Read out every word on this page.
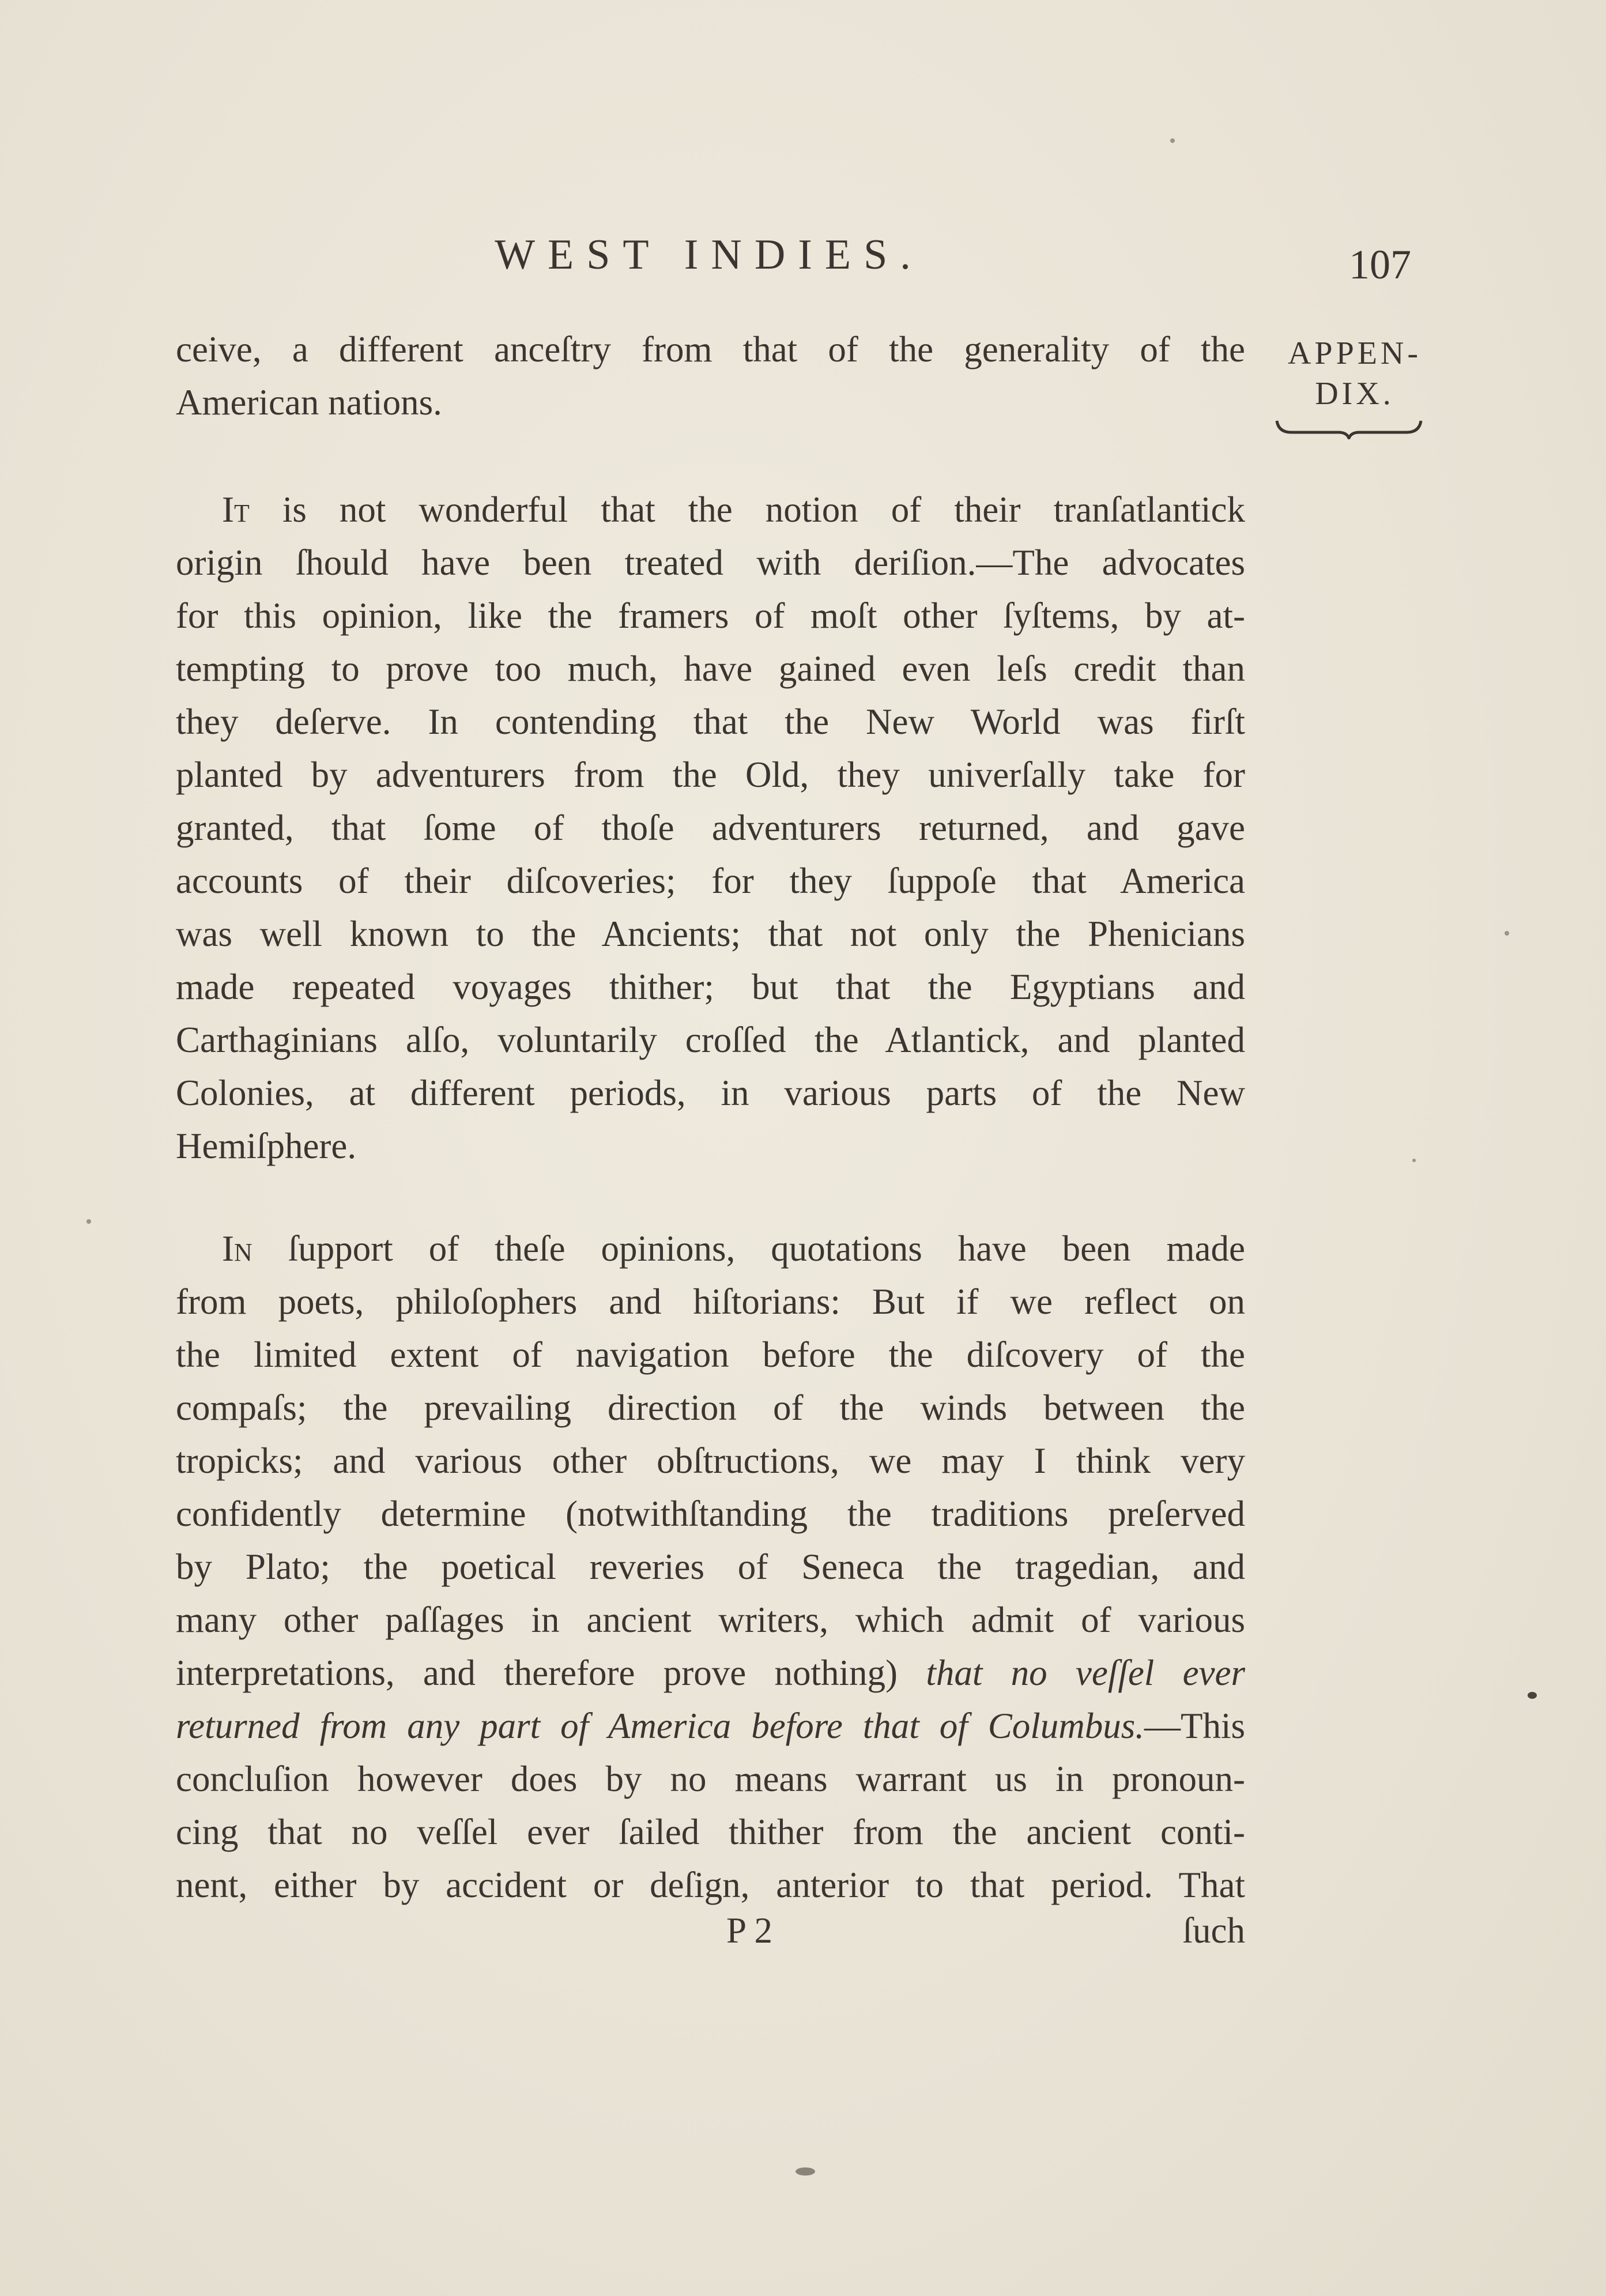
WEST INDIES.	107
APPEN-
DIX.
ceive, a different anceſtry from that of the generality of the
American nations.
It is not wonderful that the notion of their tranſatlantick
origin ſhould have been treated with deriſion.—The advocates
for this opinion, like the framers of moſt other ſyſtems, by at-
tempting to prove too much, have gained even leſs credit than
they deſerve. In contending that the New World was firſt
planted by adventurers from the Old, they univerſally take for
granted, that ſome of thoſe adventurers returned, and gave
accounts of their diſcoveries; for they ſuppoſe that America
was well known to the Ancients; that not only the Phenicians
made repeated voyages thither; but that the Egyptians and
Carthaginians alſo, voluntarily croſſed the Atlantick, and planted
Colonies, at different periods, in various parts of the New
Hemiſphere.
In ſupport of theſe opinions, quotations have been made
from poets, philoſophers and hiſtorians: But if we reflect on
the limited extent of navigation before the diſcovery of the
compaſs; the prevailing direction of the winds between the
tropicks; and various other obſtructions, we may I think very
confidently determine (notwithſtanding the traditions preſerved
by Plato; the poetical reveries of Seneca the tragedian, and
many other paſſages in ancient writers, which admit of various
interpretations, and therefore prove nothing) that no veſſel ever
returned from any part of America before that of Columbus.—This
concluſion however does by no means warrant us in pronoun-
cing that no veſſel ever ſailed thither from the ancient conti-
nent, either by accident or deſign, anterior to that period. That
P 2	ſuch
